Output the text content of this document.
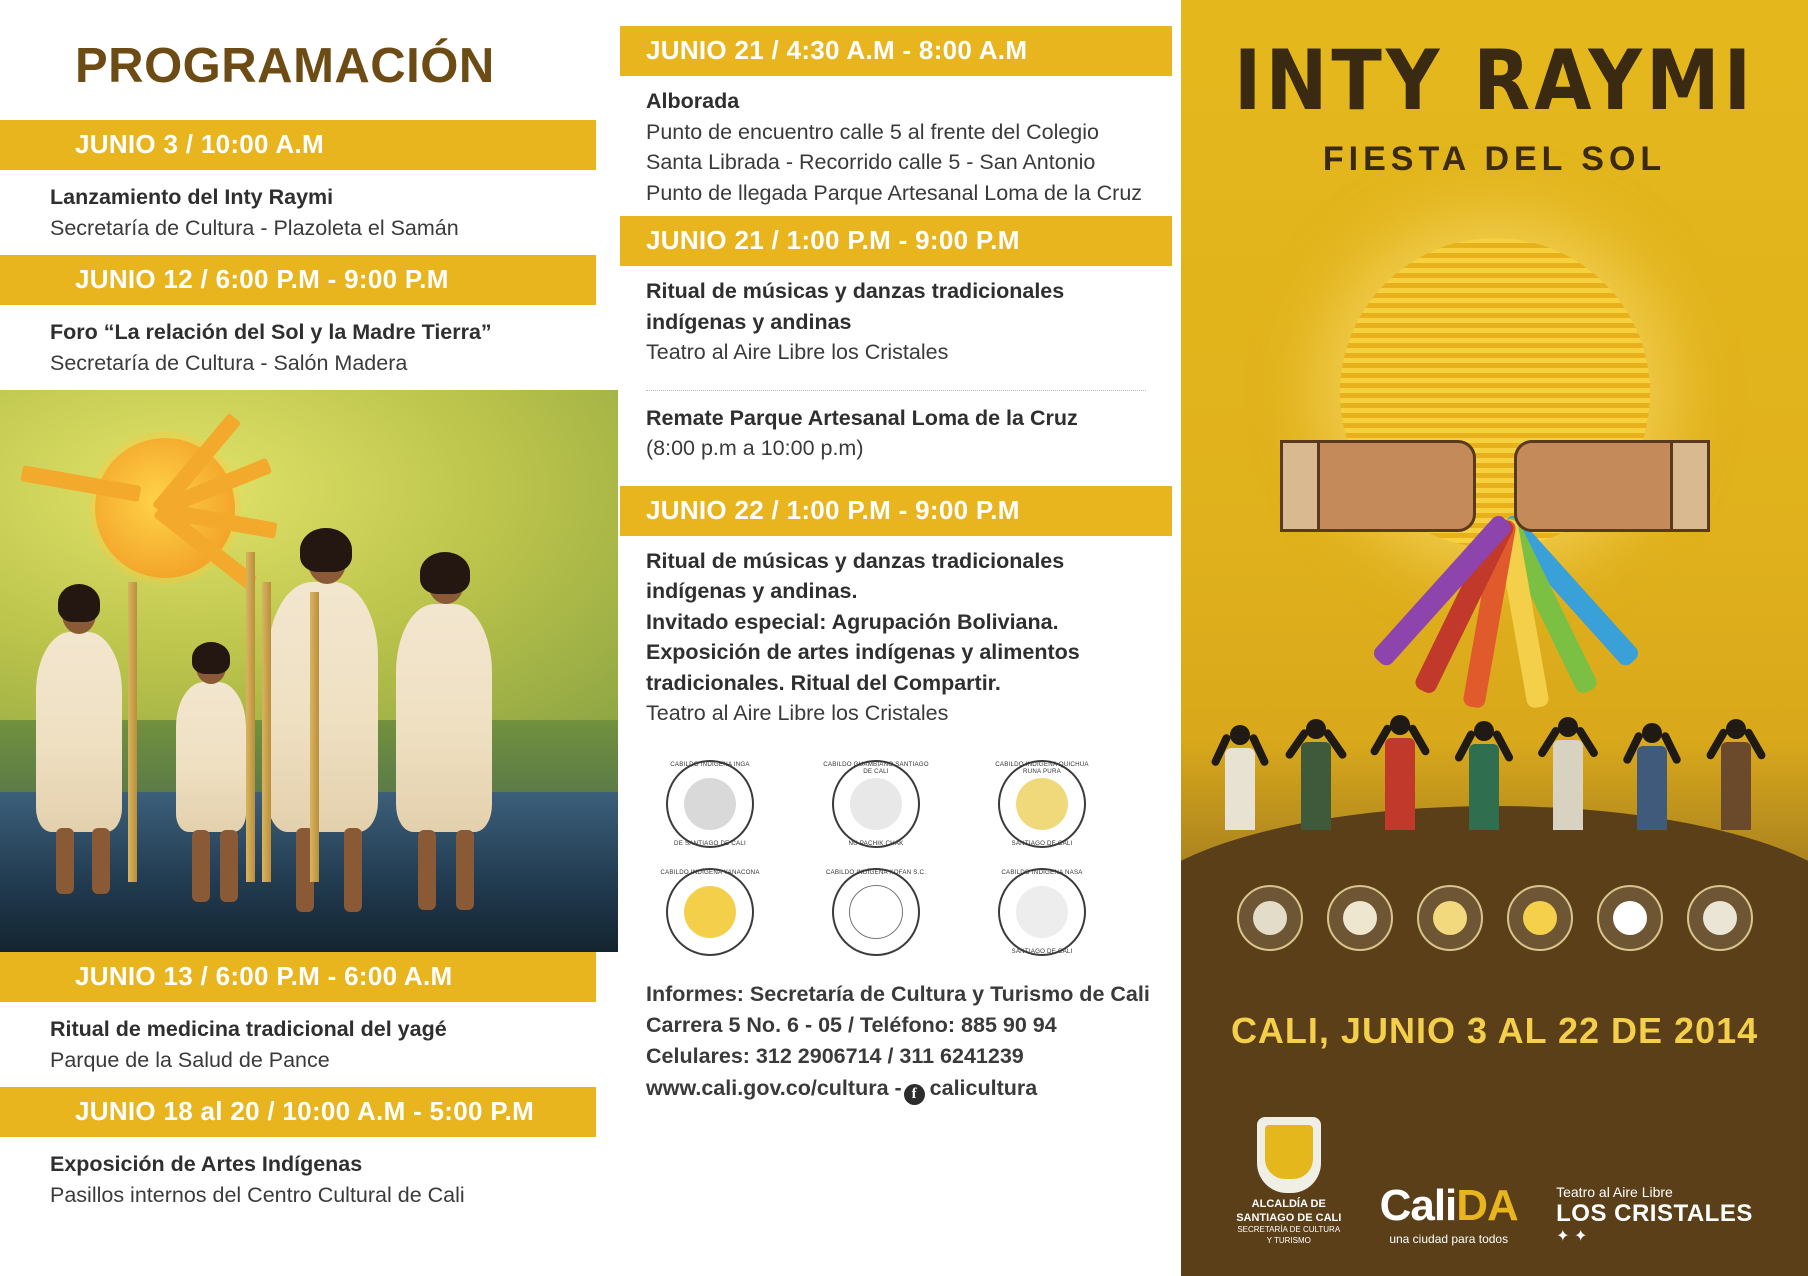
PROGRAMACIÓN
JUNIO 3 / 10:00 A.M
Lanzamiento del Inty Raymi
Secretaría de Cultura - Plazoleta el Samán
JUNIO 12 / 6:00 P.M - 9:00 P.M
Foro “La relación del Sol y la Madre Tierra”
Secretaría de Cultura - Salón Madera
JUNIO 13 / 6:00 P.M - 6:00 A.M
Ritual de medicina tradicional del yagé
Parque de la Salud de Pance
JUNIO 18 al 20 / 10:00 A.M - 5:00 P.M
Exposición de Artes Indígenas
Pasillos internos del Centro Cultural de Cali
JUNIO 21 / 4:30 A.M - 8:00 A.M
Alborada
Punto de encuentro calle 5 al frente del Colegio
Santa Librada - Recorrido calle 5 - San Antonio
Punto de llegada Parque Artesanal Loma de la Cruz
JUNIO 21 / 1:00 P.M - 9:00 P.M
Ritual de músicas y danzas tradicionales
indígenas y andinas
Teatro al Aire Libre los Cristales
Remate Parque Artesanal Loma de la Cruz
(8:00 p.m a 10:00 p.m)
JUNIO 22 / 1:00 P.M - 9:00 P.M
Ritual de músicas y danzas tradicionales
indígenas y andinas.
Invitado especial: Agrupación Boliviana.
Exposición de artes indígenas y alimentos
tradicionales. Ritual del Compartir.
Teatro al Aire Libre los Cristales
CABILDO INDÍGENA INGA
DE SANTIAGO DE CALI
CABILDO GUAMBIANO SANTIAGO DE CALI
NU PACHIK CHAK
CABILDO INDÍGENA QUICHUA RUNA PURA
SANTIAGO DE CALI
CABILDO INDÍGENA YANACONA	CABILDO INDÍGENA KOFAN S.C.	CABILDO INDÍGENA NASA
SANTIAGO DE CALI
Informes: Secretaría de Cultura y Turismo de Cali
Carrera 5 No. 6 - 05 / Teléfono: 885 90 94
Celulares: 312 2906714 / 311 6241239
www.cali.gov.co/cultura - f calicultura
INTY RAYMI
FIESTA DEL SOL
CALI, JUNIO 3 AL 22 DE 2014
ALCALDÍA DE
SANTIAGO DE CALI
SECRETARÍA DE CULTURA
Y TURISMO
CaliDA
una ciudad para todos
Teatro al Aire Libre
LOS CRISTALES
✦ ✦
